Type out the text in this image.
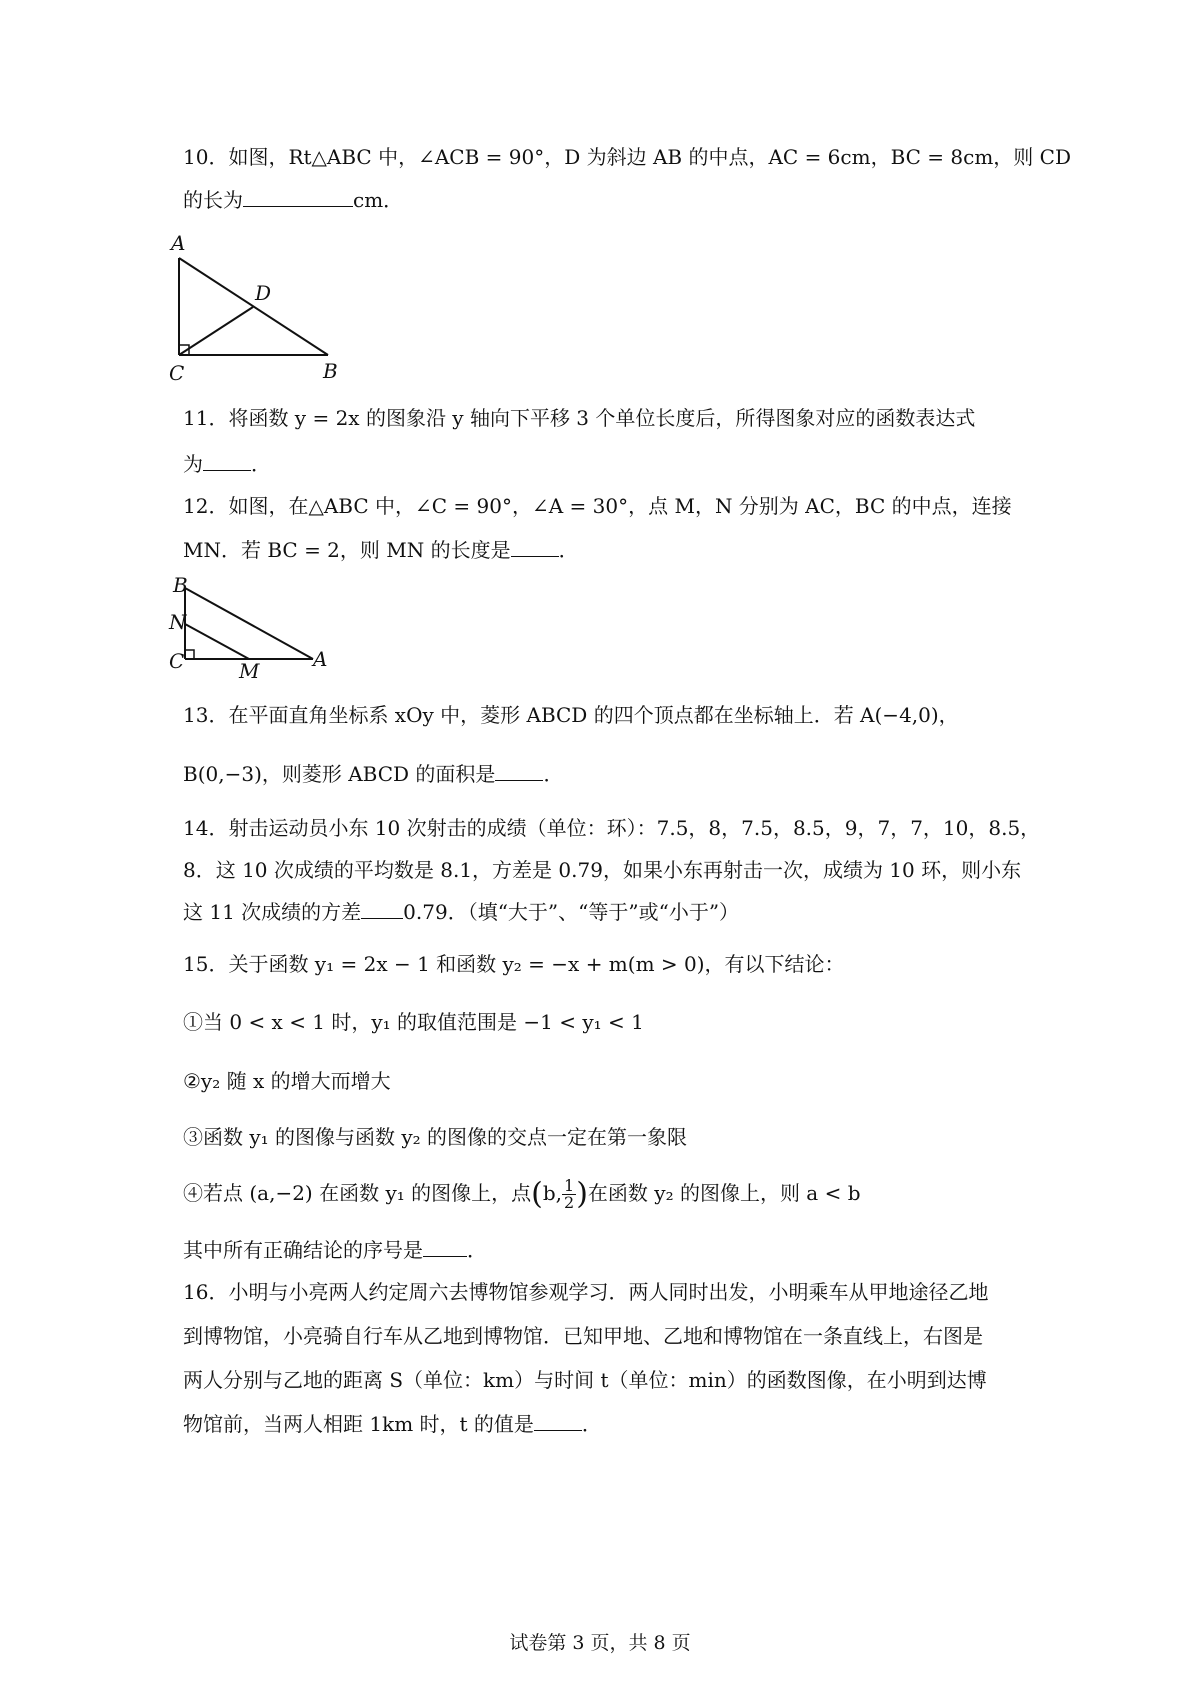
10．如图，Rt△ABC 中，∠ACB = 90°，D 为斜边 AB 的中点，AC = 6cm，BC = 8cm，则 CD
的长为	cm．
A
D
C	B
11．将函数 y = 2x 的图象沿 y 轴向下平移 3 个单位长度后，所得图象对应的函数表达式
为 ．
12．如图，在△ABC 中，∠C = 90°，∠A = 30°，点 M，N 分别为 AC，BC 的中点，连接
MN．若 BC = 2，则 MN 的长度是 ．
B
N
C	M	A
13．在平面直角坐标系 xOy 中，菱形 ABCD 的四个顶点都在坐标轴上．若 A(−4,0)，
B(0,−3)，则菱形 ABCD 的面积是 ．
14．射击运动员小东 10 次射击的成绩（单位：环）：7.5，8，7.5，8.5，9，7，7，10，8.5，
8．这 10 次成绩的平均数是 8.1，方差是 0.79，如果小东再射击一次，成绩为 10 环，则小东
这 11 次成绩的方差 0.79．（填“大于”、“等于”或“小于”）
15．关于函数 y₁ = 2x − 1 和函数 y₂ = −x + m(m > 0)，有以下结论：
①当 0 < x < 1 时，y₁ 的取值范围是 −1 < y₁ < 1
②y₂ 随 x 的增大而增大
③函数 y₁ 的图像与函数 y₂ 的图像的交点一定在第一象限
④若点 (a,−2) 在函数 y₁ 的图像上，点(b, $\frac{1}{2}$ )在函数 y₂ 的图像上，则 a < b
其中所有正确结论的序号是 ．
16．小明与小亮两人约定周六去博物馆参观学习．两人同时出发，小明乘车从甲地途径乙地
到博物馆，小亮骑自行车从乙地到博物馆．已知甲地、乙地和博物馆在一条直线上，右图是
两人分别与乙地的距离 S（单位：km）与时间 t（单位：min）的函数图像，在小明到达博
物馆前，当两人相距 1km 时，t 的值是 ．
试卷第 3 页，共 8 页
